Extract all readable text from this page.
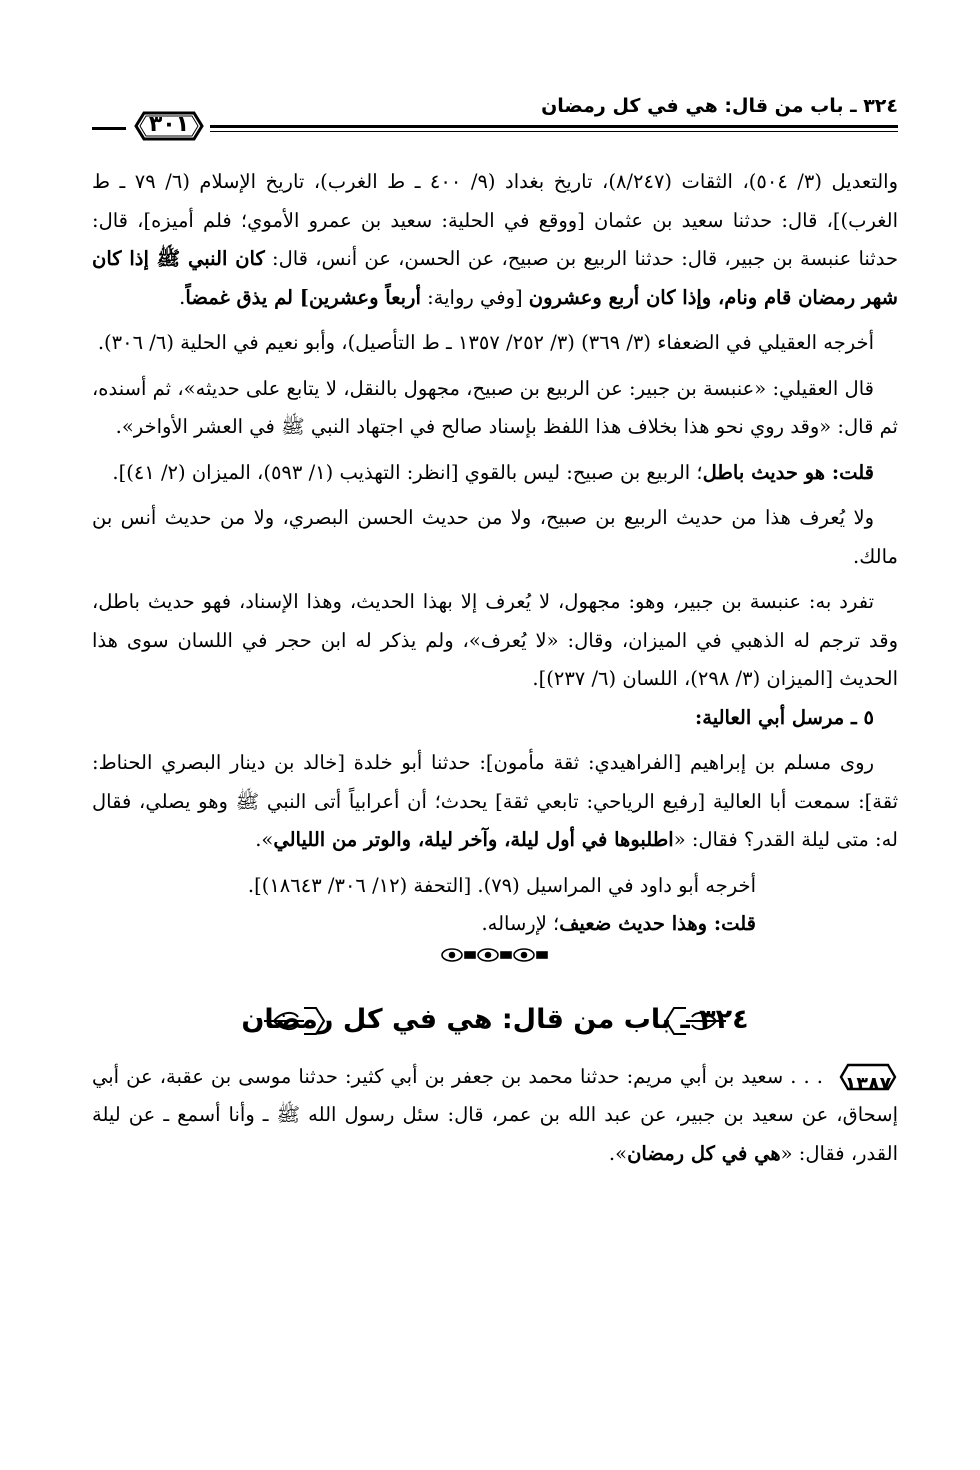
٣٢٤ ـ باب من قال: هي في كل رمضان
٣٠١

والتعديل (٣/ ٥٠٤)، الثقات (٨/٢٤٧)، تاريخ بغداد (٩/ ٤٠٠ ـ ط الغرب)، تاريخ الإسلام (٦/ ٧٩ ـ ط الغرب)]، قال: حدثنا سعيد بن عثمان [ووقع في الحلية: سعيد بن عمرو الأموي؛ فلم أميزه]، قال: حدثنا عنبسة بن جبير، قال: حدثنا الربيع بن صبيح، عن الحسن، عن أنس، قال: كان النبي ﷺ إذا كان شهر رمضان قام ونام، وإذا كان أربع وعشرون [وفي رواية: أربعاً وعشرين] لم يذق غمضاً.

أخرجه العقيلي في الضعفاء (٣/ ٣٦٩) (٣/ ٢٥٢/ ١٣٥٧ ـ ط التأصيل)، وأبو نعيم في الحلية (٦/ ٣٠٦).

قال العقيلي: «عنبسة بن جبير: عن الربيع بن صبيح، مجهول بالنقل، لا يتابع على حديثه»، ثم أسنده، ثم قال: «وقد روي نحو هذا بخلاف هذا اللفظ بإسناد صالح في اجتهاد النبي ﷺ في العشر الأواخر».

قلت: هو حديث باطل؛ الربيع بن صبيح: ليس بالقوي [انظر: التهذيب (١/ ٥٩٣)، الميزان (٢/ ٤١)].

ولا يُعرف هذا من حديث الربيع بن صبيح، ولا من حديث الحسن البصري، ولا من حديث أنس بن مالك.

تفرد به: عنبسة بن جبير، وهو: مجهول، لا يُعرف إلا بهذا الحديث، وهذا الإسناد، فهو حديث باطل، وقد ترجم له الذهبي في الميزان، وقال: «لا يُعرف»، ولم يذكر له ابن حجر في اللسان سوى هذا الحديث [الميزان (٣/ ٢٩٨)، اللسان (٦/ ٢٣٧)].

٥ ـ مرسل أبي العالية:

روى مسلم بن إبراهيم [الفراهيدي: ثقة مأمون]: حدثنا أبو خلدة [خالد بن دينار البصري الحناط: ثقة]: سمعت أبا العالية [رفيع الرياحي: تابعي ثقة] يحدث؛ أن أعرابياً أتى النبي ﷺ وهو يصلي، فقال له: متى ليلة القدر؟ فقال: «اطلبوها في أول ليلة، وآخر ليلة، والوتر من الليالي».

أخرجه أبو داود في المراسيل (٧٩). [التحفة (١٢/ ٣٠٦/ ١٨٦٤٣)].

قلت: وهذا حديث ضعيف؛ لإرساله.

٣٢٤ ـ باب من قال: هي في كل رمضان

١٣٨٧
. . . سعيد بن أبي مريم: حدثنا محمد بن جعفر بن أبي كثير: حدثنا موسى بن عقبة، عن أبي إسحاق، عن سعيد بن جبير، عن عبد الله بن عمر، قال: سئل رسول الله ﷺ ـ وأنا أسمع ـ عن ليلة القدر، فقال: «هي في كل رمضان».
